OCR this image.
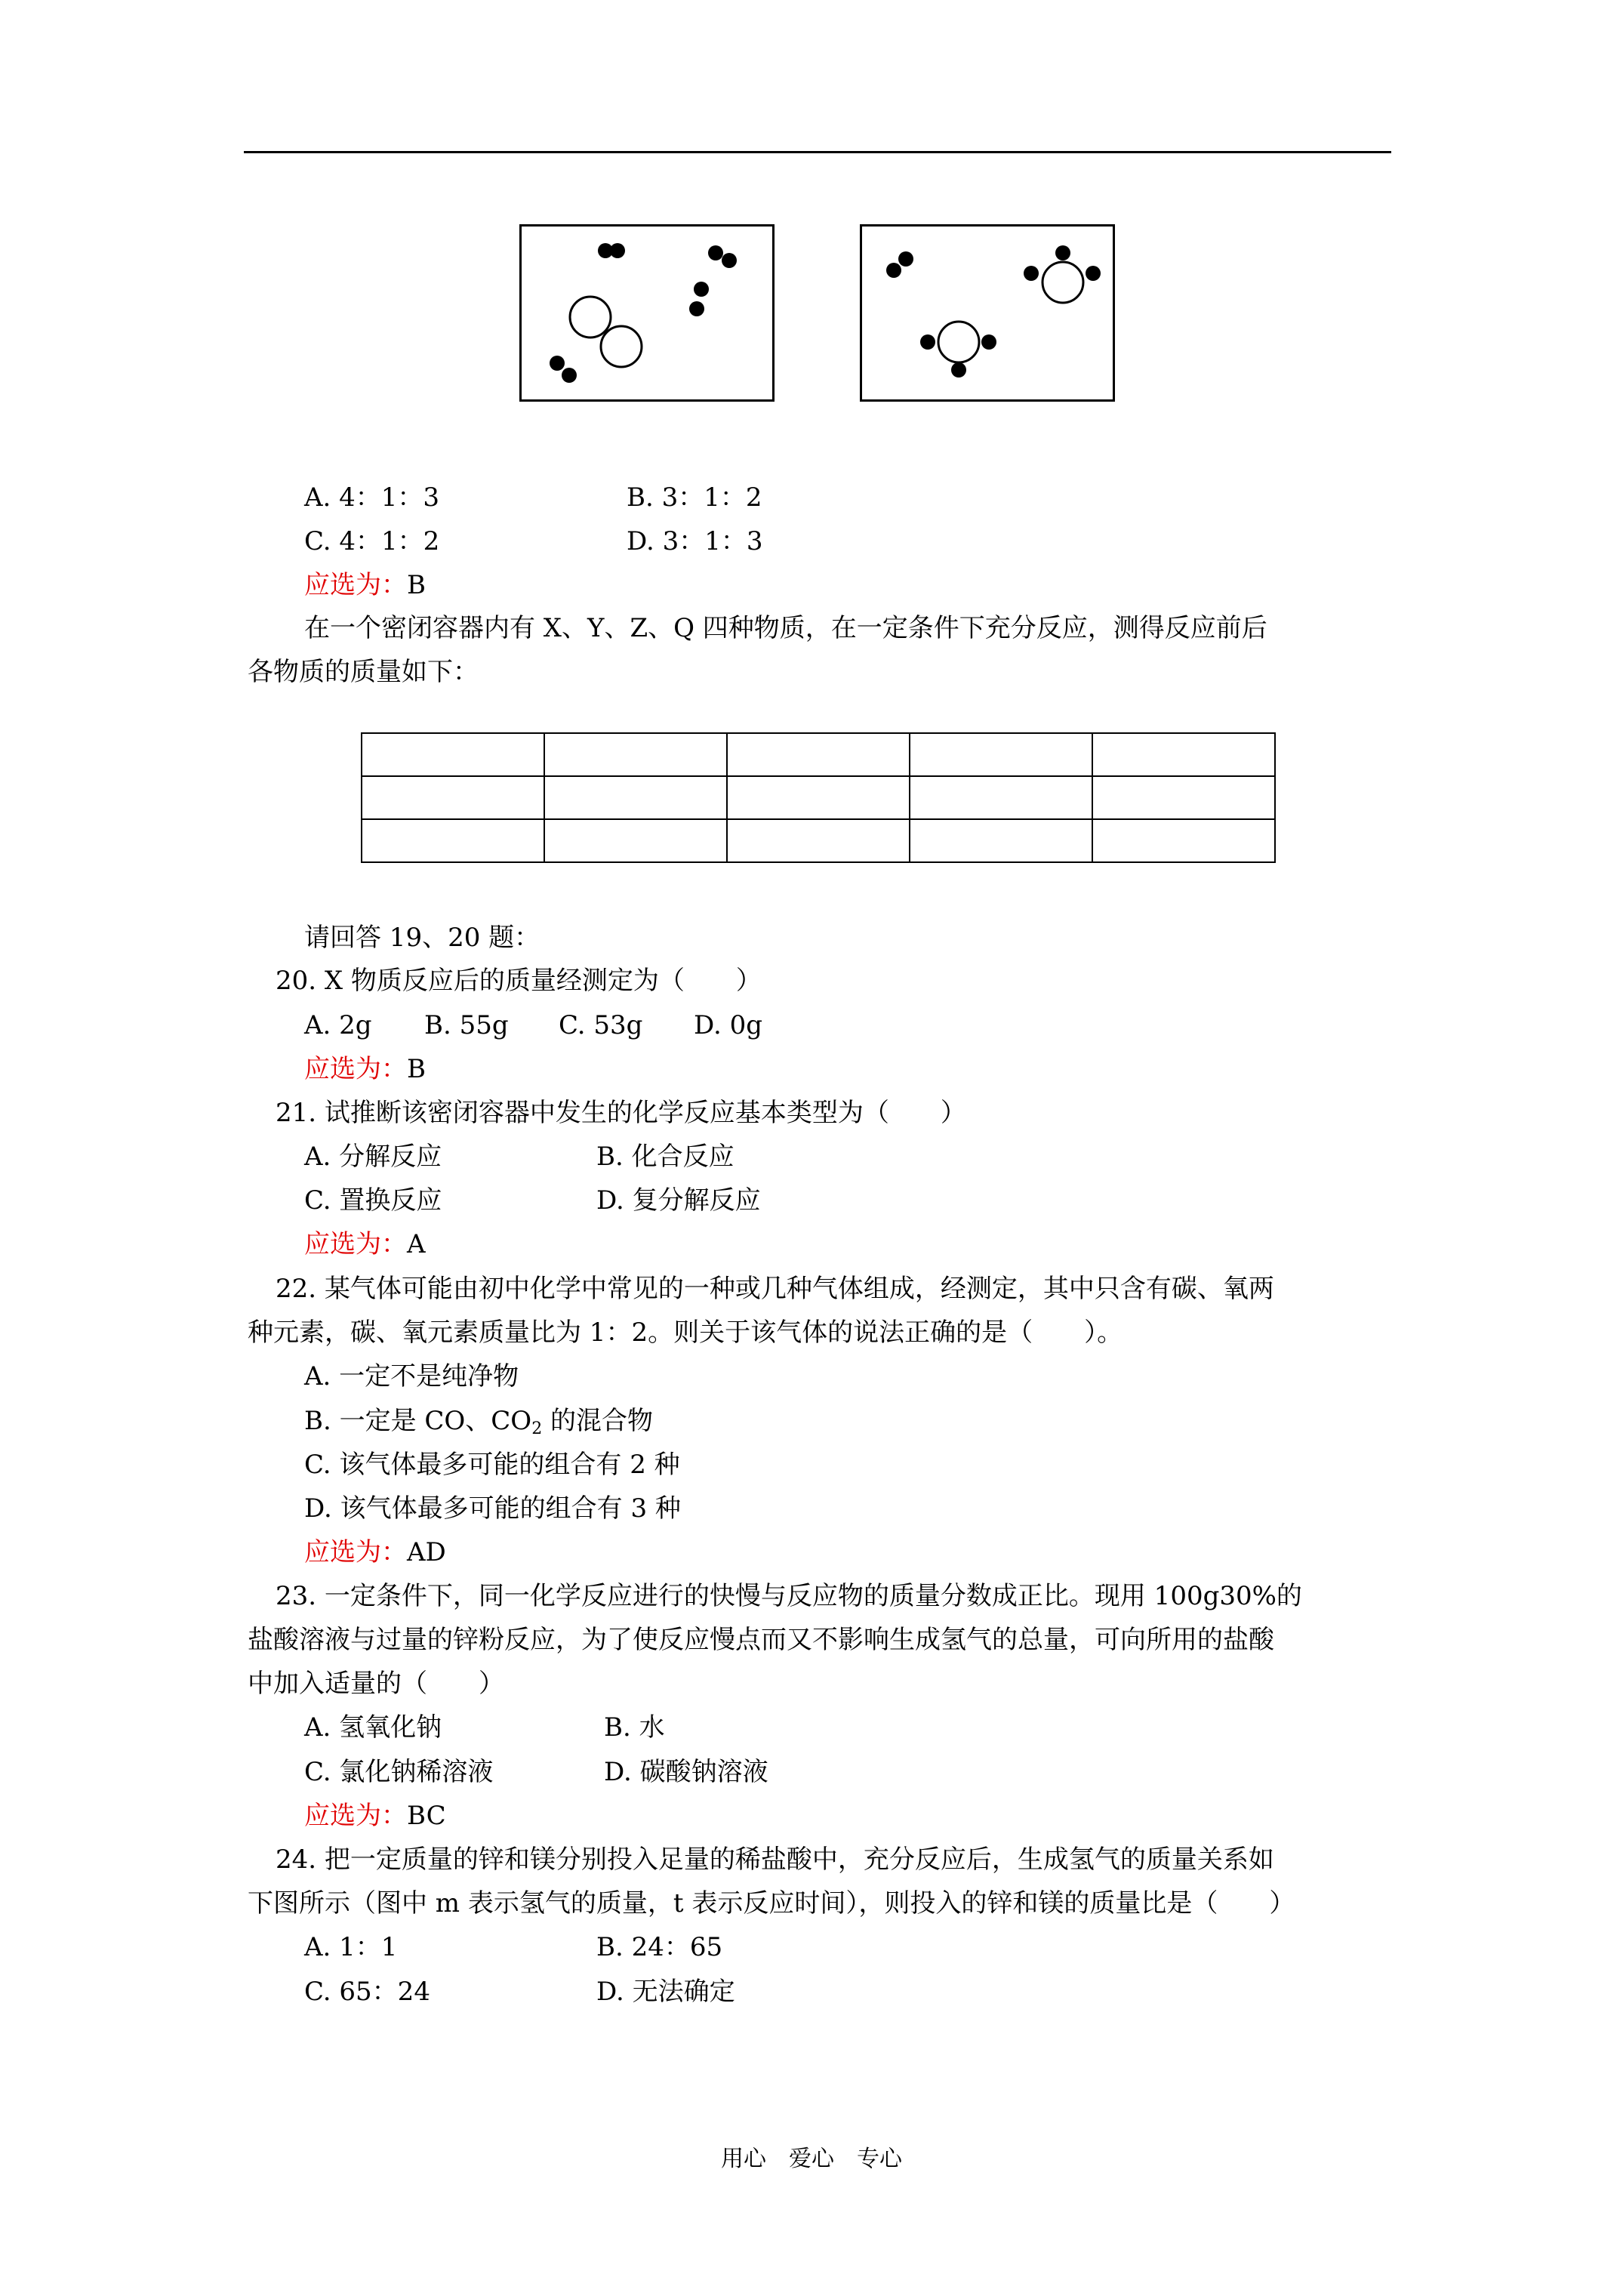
A. 4：1：3	B. 3：1：2
C. 4：1：2	D. 3：1：3
应选为：B
在一个密闭容器内有 X、Y、Z、Q 四种物质，在一定条件下充分反应，测得反应前后
各物质的质量如下：

请回答 19、20 题：
20. X 物质反应后的质量经测定为（　　）
A. 2g B. 55g C. 53g D. 0g
应选为：B
21. 试推断该密闭容器中发生的化学反应基本类型为（　　）
A. 分解反应	B. 化合反应
C. 置换反应	D. 复分解反应
应选为：A
22. 某气体可能由初中化学中常见的一种或几种气体组成，经测定，其中只含有碳、氧两
种元素，碳、氧元素质量比为 1：2。则关于该气体的说法正确的是（　　）。
A. 一定不是纯净物
B. 一定是 CO、$CO_2$ 的混合物
C. 该气体最多可能的组合有 2 种
D. 该气体最多可能的组合有 3 种
应选为：AD
23. 一定条件下，同一化学反应进行的快慢与反应物的质量分数成正比。现用 100g30%的
盐酸溶液与过量的锌粉反应，为了使反应慢点而又不影响生成氢气的总量，可向所用的盐酸
中加入适量的（　　）
A. 氢氧化钠	B. 水
C. 氯化钠稀溶液	D. 碳酸钠溶液
应选为：BC
24. 把一定质量的锌和镁分别投入足量的稀盐酸中，充分反应后，生成氢气的质量关系如
下图所示（图中 m 表示氢气的质量，t 表示反应时间），则投入的锌和镁的质量比是（　　）
A. 1：1	B. 24：65
C. 65：24	D. 无法确定
用心　爱心　专心
